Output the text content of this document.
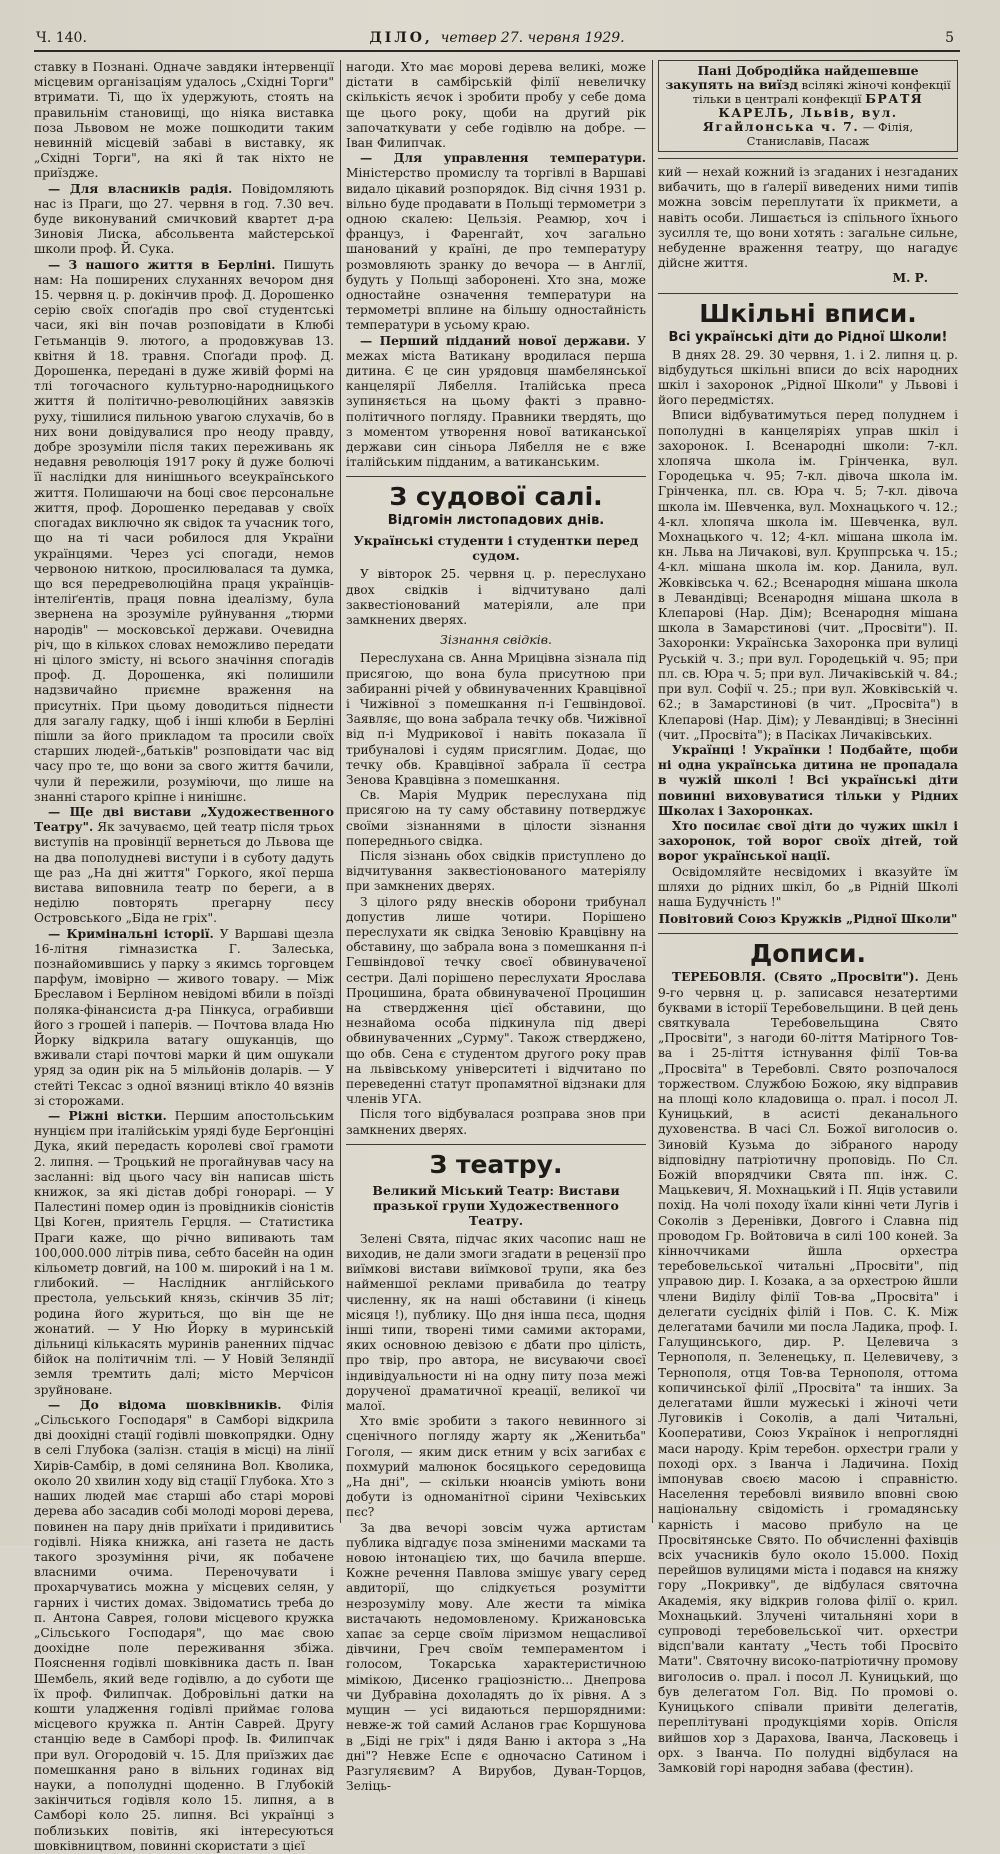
Ч. 140.	ДІЛО, четвер 27. червня 1929.	5

ставку в Познані. Одначе завдяки інтервенції місцевим організаціям удалось „Східні Торги" втримати. Ті, що їх удержують, стоять на правильнім становищі, що ніяка виставка поза Львовом не може пошкодити таким невинній місцевій забаві в виставку, як „Східні Торги", на які й так ніхто не приїздже.

— Для власників радія. Повідомляють нас із Праги, що 27. червня в год. 7.30 веч. буде виконуваний смичковий квартет д-ра Зиновія Лиска, абсольвента майстерської школи проф. Й. Сука.

— З нашого життя в Берліні. Пишуть нам: На поширених слуханнях вечором дня 15. червня ц. р. докінчив проф. Д. Дорошенко серію своїх споґадів про свої студентські часи, які він почав розповідати в Клюбі Гетьманців 9. лютого, а продовжував 13. квітня й 18. травня. Споґади проф. Д. Дорошенка, передані в дуже живій формі на тлі тогочасного культурно-народницького життя й політично-революційних завязків руху, тішилися пильною увагою слухачів, бо в них вони довідувалися про неоду правду, добре зрозуміли після таких переживань як недавня революція 1917 року й дуже болючі її наслідки для нинішнього всеукраїнського життя. Полишаючи на боці своє персональне життя, проф. Дорошенко передавав у своїх спогадах виключно як свідок та учасник того, що на ті часи робилося для України українцями. Через усі спогади, немов червоною ниткою, просилювалася та думка, що вся передреволюційна праця українців-інтеліґентів, праця повна ідеалізму, була звернена на зрозуміле руйнування „тюрми народів" — московської держави. Очевидна річ, що в кількох словах неможливо передати ні цілого змісту, ні всього значіння спогадів проф. Д. Дорошенка, які полишили надзвичайно приємне враження на присутніх. При цьому доводиться піднести для загалу гадку, щоб і інші клюби в Берліні пішли за його прикладом та просили своїх старших людей-„батьків" розповідати час від часу про те, що вони за свого життя бачили, чули й пережили, розуміючи, що лише на знанні старого кріпне і нинішнє.

— Ще дві вистави „Художественного Театру". Як зачуваємо, цей театр після трьох виступів на провінції вернеться до Львова ще на два пополудневі виступи і в суботу дадуть ще раз „На дні життя" Горкого, якої перша вистава виповнила театр по береги, а в неділю повторять прегарну пєсу Островського „Біда не гріх".

— Кримінальні історії. У Варшаві щезла 16-літня гімназистка Г. Залеська, познайомившись у парку з якимсь торговцем парфум, імовірно — живого товару. — Між Бреславом і Берліном невідомі вбили в поїзді поляка-фінансиста д-ра Пінкуса, ограбивши його з грошей і паперів. — Почтова влада Ню Йорку відкрила ватагу ошуканців, що вживали старі почтові марки й цим ошукали уряд за один рік на 5 мільйонів доларів. — У стейті Тексас з одної вязниці втікло 40 вязнів зі сторожами.

— Ріжні вістки. Першим апостольським нунцієм при італійськім уряді буде Берґонціні Дука, який передасть королеві свої грамоти 2. липня. — Троцький не прогайнував часу на засланні: від цього часу він написав шість книжок, за які дістав добрі гонорарі. — У Палестині помер один із провідників сіоністів Цві Коген, приятель Герцля. — Статистика Праги каже, що річно випивають там 100,000.000 літрів пива, себто басейн на один кільометр довгий, на 100 м. широкий і на 1 м. глибокий. — Наслідник англійського престола, уельський князь, скінчив 35 літ; родина його журиться, що він ще не жонатий. — У Ню Йорку в муринській дільниці кількасять муринів раненних підчас бійок на політичнім тлі. — У Новій Зеляндії земля тремтить далі; місто Мерчісон зруйноване.

— До відома шовківників. Філія „Сільського Господаря" в Самборі відкрила дві доохідні стації годівлі шовкопрядки. Одну в селі Глубока (залізн. стація в місці) на лінії Хирів-Самбір, в домі селянина Вол. Кволика, около 20 хвилин ходу від стації Глубока. Хто з наших людей має старші або старі морові дерева або засадив собі молоді морові дерева, повинен на пару днів приїхати і придивитись годівлі. Ніяка книжка, ані газета не дасть такого зрозуміння річи, як побачене власними очима. Переночувати і прохарчуватись можна у місцевих селян, у гарних і чистих домах. Звідоматись треба до п. Антона Саврея, голови місцевого кружка „Сільського Господаря", що має свою доохідне поле переживання збіжа. Пояснення годівлі шовківника дасть п. Іван Шембель, який веде годівлю, а до суботи ще їх проф. Филипчак. Добровільні датки на кошти уладження годівлі приймає голова місцевого кружка п. Антін Саврей. Другу станцію веде в Самборі проф. Ів. Филипчак при вул. Огородовій ч. 15. Для приїзжих дає помешкання рано в вільних годинах від науки, а пополудні щоденно. В Глубокій закінчиться годівля коло 15. липня, а в Самборі коло 25. липня. Всі українці з поблизьких повітів, які інтересуються шовківництвом, повинні скористати з цієї

нагоди. Хто має морові дерева великі, може дістати в самбірській філії невеличку скількість яєчок і зробити пробу у себе дома ще цього року, щоби на другий рік започаткувати у себе годівлю на добре. — Іван Филипчак.

— Для управлення температури. Міністерство промислу та торгівлі в Варшаві видало цікавий розпорядок. Від січня 1931 р. вільно буде продавати в Польщі термометри з одною скалею: Цельзія. Реамюр, хоч і француз, і Фаренгайт, хоч загально шанований у країні, де про температуру розмовляють зранку до вечора — в Англії, будуть у Польщі заборонені. Хто зна, може одностайне означення температури на термометрі вплине на більшу одностайність температури в усьому краю.

— Перший підданий нової держави. У межах міста Ватикану вродилася перша дитина. Є це син урядовця шамбелянської канцелярії Лябелля. Італійська преса зупиняється на цьому факті з правно-політичного погляду. Правники твердять, що з моментом утворення нової ватиканської держави син сіньора Лябелля не є вже італійським підданим, а ватиканським.

З судової салі.
Відгомін листопадових днів.
Українські студенти і студентки перед судом.

У вівторок 25. червня ц. р. переслухано двох свідків і відчитувано далі заквестіонований матеріяли, але при замкнених дверях.

Зізнання свідків.

Переслухана св. Анна Мрицівна зізнала під присягою, що вона була присутною при забиранні річей у обвинуваченних Кравцівної і Чижівної з помешкання п-і Гешвіндової. Заявляє, що вона забрала течку обв. Чижівної від п-і Мудрикової і навіть показала її трибуналові і судям присяглим. Додає, що течку обв. Кравцівної забрала її сестра Зенова Кравцівна з помешкання.

Св. Марія Мудрик переслухана під присягою на ту саму обставину потверджує своїми зізнаннями в цілости зізнання попереднього свідка.

Після зізнань обох свідків приступлено до відчитування заквестіонованого матеріялу при замкнених дверях.

З цілого ряду внесків оборони трибунал допустив лише чотири. Порішено переслухати як свідка Зеновію Кравцівну на обставину, що забрала вона з помешкання п-і Гешвіндової течку своєї обвинуваченої сестри. Далі порішено переслухати Ярослава Процишина, брата обвинуваченої Процишин на ствердження цієї обставини, що незнайома особа підкинула під двері обвинуваченних „Сурму". Також стверджено, що обв. Сена є студентом другого року прав на львівському університеті і відчитано по переведенні статут пропамятної відзнаки для членів УГА.

Після того відбувалася розправа знов при замкнених дверях.

З театру.
Великий Міський Театр: Вистави празької групи Художественного Театру.

Зелені Свята, підчас яких часопис наш не виходив, не дали змоги згадати в рецензії про виїмкові вистави виїмкової трупи, яка без найменшої реклами привабила до театру численну, як на наші обставини (і кінець місяця !), публику. Що дня інша пєса, щодня інші типи, творені тими самими акторами, яких основною девізою є дбати про цілість, про твір, про автора, не висуваючи своєї індивідуальности ні на одну питу поза межі дорученої драматичної креації, великої чи малої.

Хто вміє зробити з такого невинного зі сценічного погляду жарту як „Женитьба" Гоголя, — яким диск етним у всіх загибах є похмурий малюнок босяцького середовища „На дні", — скільки нюансів уміють вони добути із одноманітної сірини Чехівських пєс?

За два вечорі зовсім чужа артистам публика відгадує поза зміненими масками та новою інтонацією тих, що бачила вперше. Кожне речення Павлова змішує увагу серед авдиторії, що слідкується розумітти незрозумілу мову. Але жести та міміка вистачають недомовленому. Крижановська хапає за серце своїм ліризмом нещасливої дівчини, Греч своїм темпераментом і голосом, Токарська характеристичною мімікою, Дисенко граціозністю... Днепрова чи Дубравіна дохоладять до їх рівня. А з мущин — усі видаються першорядними: невже-ж той самий Асланов грає Коршунова в „Біді не гріх" і дядя Ваню і актора з „На дні"? Невже Еспе є одночасно Сатином і Разгуляєвим? А Вирубов, Дуван-Торцов, Зеліць-

Пані Добродійка найдешевше закупять на виїзд всілякі жіночі конфекції тільки в централі конфекції БРАТЯ КАРЕЛЬ, Львів, вул. Ягайлонська ч. 7. — Філія, Станиславів, Пасаж

кий — нехай кожний із згаданих і незгаданих вибачить, що в ґалерії виведених ними типів можна зовсім переплутати їх прикмети, а навіть особи. Лишається із спільного їхнього зусилля те, що вони хотять : загальне сильне, небуденне враження театру, що нагадує дійсне життя.

М. Р.
Шкільні вписи.
Всі українські діти до Рідної Школи!

В днях 28. 29. 30 червня, 1. і 2. липня ц. р. відбудуться шкільні вписи до всіх народних шкіл і захоронок „Рідної Школи" у Львові і його передмістях.

Вписи відбуватимуться перед полуднем і пополудні в канцеляріях управ шкіл і захоронок. І. Всенародні школи: 7-кл. хлопяча школа ім. Грінченка, вул. Городецька ч. 95; 7-кл. дівоча школа ім. Грінченка, пл. св. Юра ч. 5; 7-кл. дівоча школа ім. Шевченка, вул. Мохнацького ч. 12.; 4-кл. хлопяча школа ім. Шевченка, вул. Мохнацького ч. 12; 4-кл. мішана школа ім. кн. Льва на Личакові, вул. Круппрська ч. 15.; 4-кл. мішана школа ім. кор. Данила, вул. Жовківська ч. 62.; Всенародня мішана школа в Левандівці; Всенародня мішана школа в Клепарові (Нар. Дім); Всенародня мішана школа в Замарстинові (чит. „Просвіти"). II. Захоронки: Українська Захоронка при вулиці Руській ч. 3.; при вул. Городецькій ч. 95; при пл. св. Юра ч. 5; при вул. Личаківській ч. 84.; при вул. Софії ч. 25.; при вул. Жовківській ч. 62.; в Замарстинові (в чит. „Просвіта") в Клепарові (Нар. Дім); у Левандівці; в Знесінні (чит. „Просвіта"); в Пасіках Личаківських.

Українці ! Українки ! Подбайте, щоби ні одна українська дитина не пропадала в чужій школі ! Всі українські діти повинні виховуватися тільки у Рідних Школах і Захоронках.

Хто посилає свої діти до чужих шкіл і захоронок, той ворог своїх дітей, той ворог української нації.

Освідомляйте несвідомих і вказуйте їм шляхи до рідних шкіл, бо „в Рідній Школі наша Будучність !"

Повітовий Союз Кружків „Рідної Школи"
Дописи.

ТЕРЕБОВЛЯ. (Свято „Просвіти"). День 9-го червня ц. р. записався незатертими буквами в історії Теребовельщини. В цей день святкувала Теребовельщина Свято „Просвіти", з нагоди 60-ліття Матірного Тов-ва і 25-ліття істнування філії Тов-ва „Просвіта" в Теребовлі. Свято розпочалося торжеством. Службою Божою, яку відправив на площі коло кладовища о. прал. і посол Л. Куницький, в асисті деканального духовенства. В часі Сл. Божої виголосив о. Зиновій Кузьма до зібраного народу відповідну патріотичну проповідь. По Сл. Божій впорядчики Свята пп. інж. С. Мацькевич, Я. Мохнацький і П. Яців уставили похід. На чолі походу їхали кінні чети Лугів і Соколів з Деренівки, Довгого і Славна під проводом Гр. Войтовича в силі 100 коней. За кінноччиками йшла орхестра теребовельської читальні „Просвіти", під управою дир. І. Козака, а за орхестрою йшли члени Виділу філії Тов-ва „Просвіта" і делегати сусідніх філій і Пов. С. К. Між делегатами бачили ми посла Ладика, проф. І. Галущинського, дир. Р. Целевича з Тернополя, п. Зеленецьку, п. Целевичеву, з Тернополя, отця Тов-ва Тернополя, оттома копичинської філії „Просвіта" та інших. За делегатами йшли мужеські і жіночі чети Луговиків і Соколів, а далі Читальні, Кооперативи, Союз Українок і непроглядні маси народу. Крім теребон. орхестри грали у поході орх. з Іванча і Ладичина. Похід імпонував своєю масою і справністю. Населення теребовлі виявило вповні свою національну свідомість і громадянську карність і масово прибуло на це Просвітянське Свято. По обчисленні фахівців всіх учасників було около 15.000. Похід перейшов вулицями міста і подався на княжу гору „Покривку", де відбулася святочна Академія, яку відкрив голова філії о. крил. Мохнацький. Злучені читальняні хори в супроводі теребовельської чит. орхестри відсп'вали кантату „Честь тобі Просвіто Мати". Святочну високо-патріотичну промову виголосив о. прал. і посол Л. Куницький, що був делегатом Гол. Від. По промові о. Куницького співали привіти делегатів, переплітувані продукціями хорів. Опісля вийшов хор з Дарахова, Іванча, Ласковець і орх. з Іванча. По полудні відбулася на Замковій горі народня забава (фестин).
